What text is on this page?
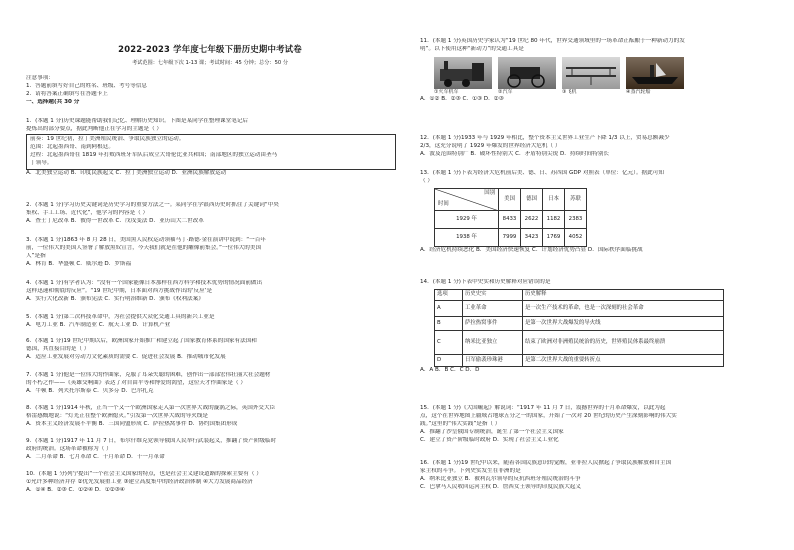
2022-2023 学年度七年级下册历史期中考试卷
考试范围：七年级下次 1-13 课；考试时间：45 分钟；总分：50 分
注意事项：
1．答题前填写好自己的姓名、班级、考号等信息
2．请将答案正确填写在答题卡上
一、选择题(共 30 分
1．(本题 1 分)历史课题能帮助我们记忆、理解历史知识。下图是某同学在整理课堂笔记后
提炼出的部分要点，据此判断他正在学习的主题是（ ）
前奏：19 世纪初，拉丁美洲殖民统治、争取民族独立的运动。
范围：北起墨西哥、南到阿根廷。
过程：北起墨西哥在 1819 年打败西班牙军队后成立大哥伦比亚共和国；南部地区的独立运动由圣马
丁领导。
A．北美独立运动 B．印度民族起义 C．拉丁美洲独立运动 D．亚洲民族解放运动
2．(本题 1 分)学习历史关键词是历史学习的重要方法之一。某同学在学银西历史时抓住了关键词“中央
集权、手工工场、近代化”，他学习的内容是（ ）
A．查士丁尼改革 B．彼得一世改革 C．戊戌变法 D．亚历山大二世改革
3．(本题 1 分)1863 年 8 月 28 日，美国黑人民权运动领袖马丁·路德·金在演讲中说到：“一百年
前，一位伟大的美国人签署了解放黑奴宣言，今天我们就是在他的雕像前集会。”一位伟大的美国
人”是指
A．林肯 B．华盛顿 C．威尔逊 D．罗斯福
4．(本题 1 分)有学者认为：“没有一个国家能像日本那样在西方科学和技术优势的情况面前做出
这样迅速和彻底的反应”。“19 世纪中期，日本面对西方挑战作出的‘反应’是
A．实行大化改新 B．颁布宪法 C．实行明治维新 D．颁布《权利法案》
5．(本题 1 分)第二次科技革命中，为社会提供大众化交通工具的新兴工业是
A．电力工业 B．汽车制造业 C．航天工业 D．计算机产业
6．(本题 1 分)19 世纪中期以后，欧洲国家开始推广和建立起了国家教育体系的国家有法国和
德国，其直接目的是（ ）
A．适应工业发展对劳动力文化素质的需要 C．促进社会发展 B．推动城市化发展
7．(本题 1 分)他是一位伟大的作曲家，克服了耳朵失聪的困难，创作出一部部宏伟壮丽大社会题材
的不朽之作——《英雄交响曲》表达了对自由平等和博爱的渴望，这位天才作曲家是（ ）
A．牛顿 B．列夫托尔斯泰 C．贝多芬 D．巴尔扎克
8．(本题 1 分)1914 年秋，正当一个又一个欧洲国家走入第一次世界大战的漩涡之际，英国外交大臣
格雷感慨地说：“灯光正在整个欧洲熄灭。”引发第一次世界大战的导火线是
A．资本主义经济发展不平衡 B．三国同盟形成 C．萨拉热窝事件 D．协约国集团形成
9．(本题 1 分)1917 年 11 月 7 日，布尔什维克党领导俄国人民举行武装起义，推翻了资产阶级临时
政府的统治。这场革命被称为（ ）
A．二月革命 B．七月革命 C．十月革命 D．十一月革命
10．(本题 1 分)列宁提出“一个社会主义国家的特点，也是社会主义建设道路的探索主要有（ ）
①允许多种经济并存 ②优先发展重工业 ③建立高度集中的经济政治体制 ④大力发展商品经济
A．①④ B．②③ C．①②④ D．①②③④
11．(本题 1 分)英国历史学家认为“19 世纪 80 年代，世界交通领域里的一场革命正酝酿于一种新动力的发
明”。以下使用这种“新动力”的交通工具是
①火车机车	②汽车	③飞机	④蒸汽轮船
A．①② B．②③ C．①③ D．②③
12．(本题 1 分)1933 年与 1929 年相比，整个资本主义世界工业生产下降 1/3 以上，贸易总额减少
2/3，这充分说明了 1929 年爆发的世界经济大危机（ ）
A．波及范围特别广 B．破坏性特别大 C．矛盾特别尖锐 D．持续时间特别长
13．(本题 1 分)下表为经济大危机前后美、德、日、苏四国 GDP 对照表（单位：亿元）。据此可知
（ ）
国别
时间	美国	德国	日本	苏联
1929 年	8433	2622	1182	2383
1938 年	7999	3423	1769	4052
A．经济危机持续恶化 B．美国经济快速恢复 C．计划经济优势凸显 D．国际秩序面临挑战
14．(本题 1 分)下表中史实和历史解释对应错误的是
选项	历史史实	历史解释
A	工业革命	是一次生产技术的革命，也是一次深刻的社会革命
B	萨拉热窝事件	是第一次世界大战爆发的导火线
C	纳米比亚独立	结束了欧洲对非洲殖民统治的历史，世界殖民体系最终崩溃
D	日军偷袭珍珠港	是第二次世界大战的重要转折点
A．A B．B C．C D．D
15．(本题 1 分)《大国崛起》解说词：“1917 年 11 月 7 日，震撼世界的十月革命爆发，以此为起
点，这个在世界地图上疆域占地球五分之一的国家，开始了一次对 20 世纪的历史产生深刻影响的伟大实
践。”这里的“伟大实践”是指（ ）
A．推翻了沙皇俄国专制统治，诞生了第一个社会主义国家
C．建立了资产阶级临时政府 D．实现了社会主义工业化
16．(本题 1 分)19 世纪中以来，随着各国民族意识的觉醒，亚非拉人民掀起了争取民族解放和自主国
家主权的斗争。下列史实发生在非洲的是
A．纳米比亚独立 B．被利瓦尔领导的反抗西班牙殖民统治的斗争
C．巴拿马人民收回运河主权 D．詹西女王领导的印度民族大起义
